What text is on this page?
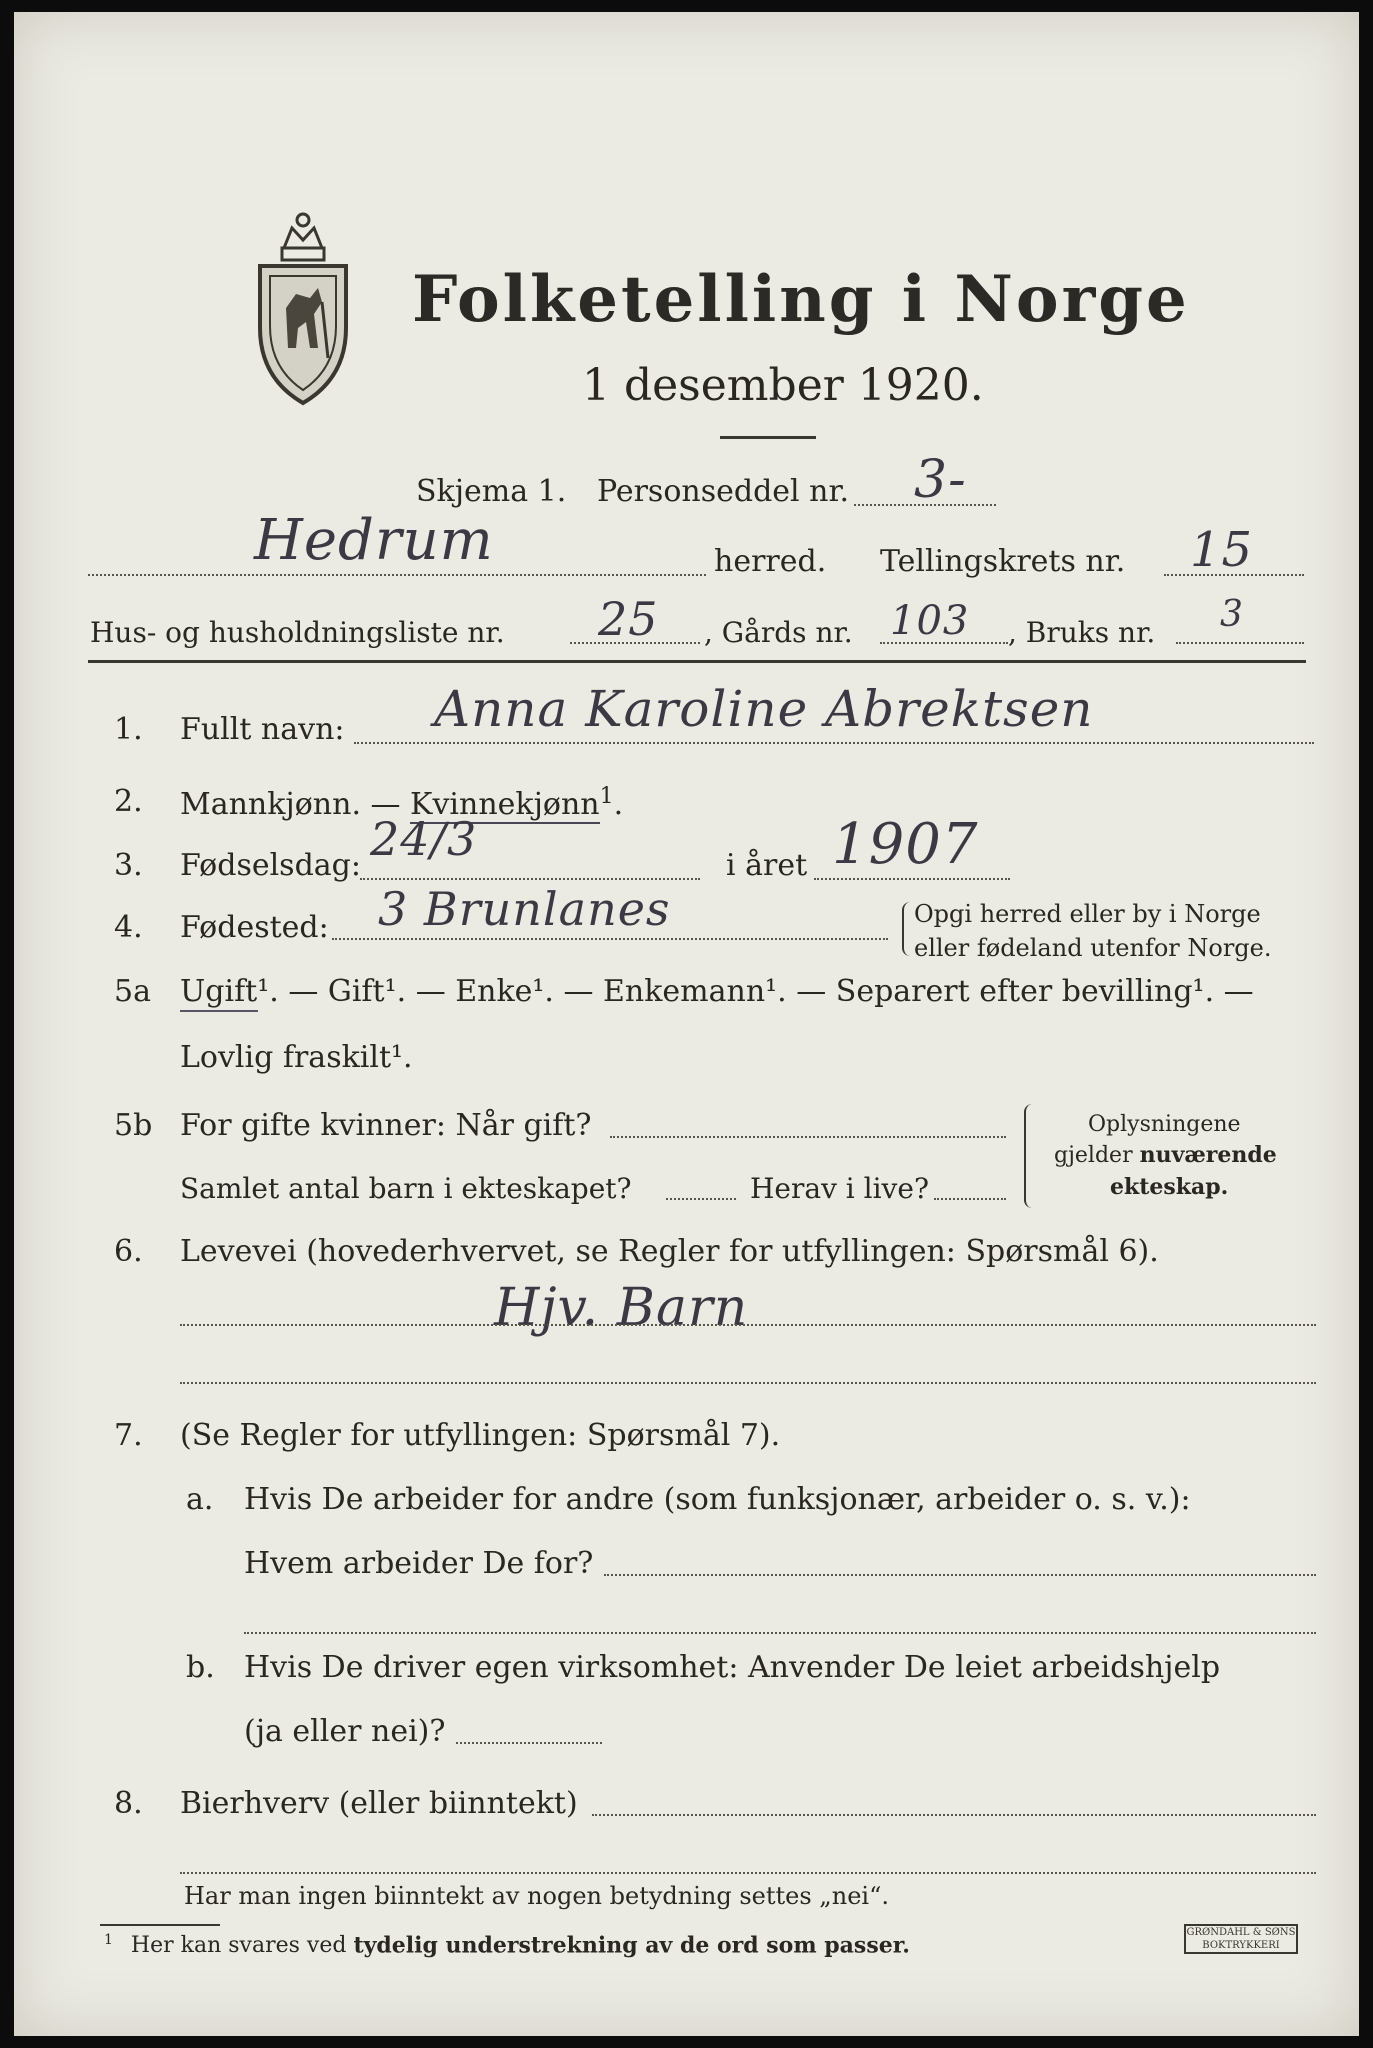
Folketelling i Norge
1 desember 1920.
Skjema 1. Personseddel nr. 3-
Hedrum	herred. Tellingskrets nr. 15
Hus- og husholdningsliste nr. 25 , Gårds nr. 103 , Bruks nr. 3
1. Fullt navn: Anna Karoline Abrektsen
2. Mannkjønn. — Kvinnekjønn$^1$.
3. Fødselsdag: 24/3	i året 1907
4. Fødested: 3 Brunlanes	Opgi herred eller by i Norge
eller fødeland utenfor Norge.
5a Ugift¹. — Gift¹. — Enke¹. — Enkemann¹. — Separert efter bevilling¹. —
Lovlig fraskilt¹.
5b For gifte kvinner: Når gift?
Samlet antal barn i ekteskapet?	Herav i live?
Oplysningene
gjelder nuværende
ekteskap.
6. Levevei (hovederhvervet, se Regler for utfyllingen: Spørsmål 6).
Hjv. Barn
7. (Se Regler for utfyllingen: Spørsmål 7).
a. Hvis De arbeider for andre (som funksjonær, arbeider o. s. v.):
Hvem arbeider De for?
b. Hvis De driver egen virksomhet: Anvender De leiet arbeidshjelp
(ja eller nei)?
8. Bierhverv (eller biinntekt)
Har man ingen biinntekt av nogen betydning settes „nei“.
$^1$ Her kan svares ved tydelig understrekning av de ord som passer.	GRØNDAHL & SØNS BOKTRYKKERI
